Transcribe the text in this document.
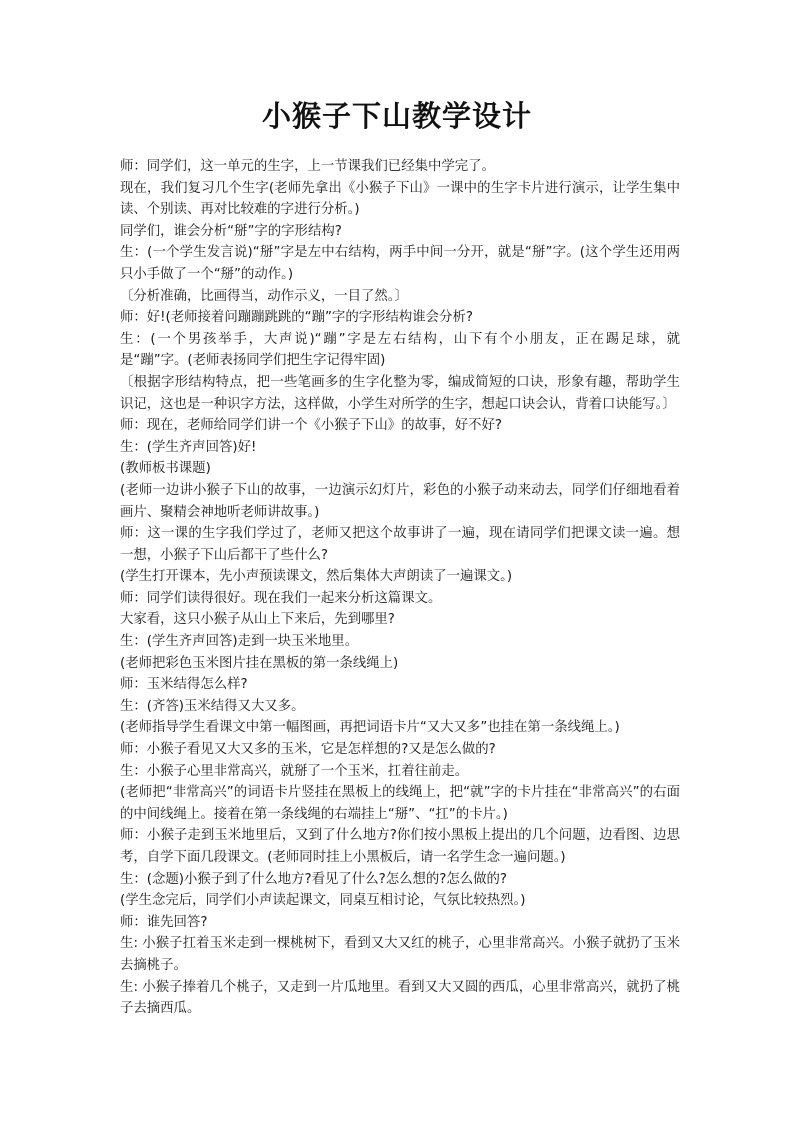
小猴子下山教学设计

师：同学们，这一单元的生字，上一节课我们已经集中学完了。

现在，我们复习几个生字(老师先拿出《小猴子下山》一课中的生字卡片进行演示，让学生集中读、个别读、再对比较难的字进行分析。)

同学们，谁会分析“掰”字的字形结构?

生：(一个学生发言说)“掰”字是左中右结构，两手中间一分开，就是“掰”字。(这个学生还用两只小手做了一个“掰”的动作。)

〔分析准确，比画得当，动作示义，一目了然。〕

师：好!(老师接着问蹦蹦跳跳的“蹦”字的字形结构谁会分析?

生：(一个男孩举手，大声说)“蹦”字是左右结构，山下有个小朋友，正在踢足球，就是“蹦”字。(老师表扬同学们把生字记得牢固)

〔根据字形结构特点，把一些笔画多的生字化整为零，编成简短的口诀，形象有趣，帮助学生识记，这也是一种识字方法，这样做，小学生对所学的生字，想起口诀会认，背着口诀能写。〕

师：现在，老师给同学们讲一个《小猴子下山》的故事，好不好?

生：(学生齐声回答)好!

(教师板书课题)

(老师一边讲小猴子下山的故事，一边演示幻灯片，彩色的小猴子动来动去，同学们仔细地看着画片、聚精会神地听老师讲故事。)

师：这一课的生字我们学过了，老师又把这个故事讲了一遍，现在请同学们把课文读一遍。想一想，小猴子下山后都干了些什么?

(学生打开课本，先小声预读课文，然后集体大声朗读了一遍课文。)

师：同学们读得很好。现在我们一起来分析这篇课文。

大家看，这只小猴子从山上下来后，先到哪里?

生：(学生齐声回答)走到一块玉米地里。

(老师把彩色玉米图片挂在黑板的第一条线绳上)

师：玉米结得怎么样?

生：(齐答)玉米结得又大又多。

(老师指导学生看课文中第一幅图画，再把词语卡片“又大又多”也挂在第一条线绳上。)

师：小猴子看见又大又多的玉米，它是怎样想的?又是怎么做的?

生：小猴子心里非常高兴，就掰了一个玉米，扛着往前走。

(老师把“非常高兴”的词语卡片竖挂在黑板上的线绳上，把“就”字的卡片挂在“非常高兴”的右面的中间线绳上。接着在第一条线绳的右端挂上“掰”、“扛”的卡片。)

师：小猴子走到玉米地里后，又到了什么地方?你们按小黑板上提出的几个问题，边看图、边思考，自学下面几段课文。(老师同时挂上小黑板后，请一名学生念一遍问题。)

生：(念题)小猴子到了什么地方?看见了什么?怎么想的?怎么做的?

(学生念完后，同学们小声读起课文，同桌互相讨论，气氛比较热烈。)

师：谁先回答?

生: 小猴子扛着玉米走到一棵桃树下，看到又大又红的桃子，心里非常高兴。小猴子就扔了玉米去摘桃子。

生: 小猴子捧着几个桃子，又走到一片瓜地里。看到又大又圆的西瓜，心里非常高兴，就扔了桃子去摘西瓜。
